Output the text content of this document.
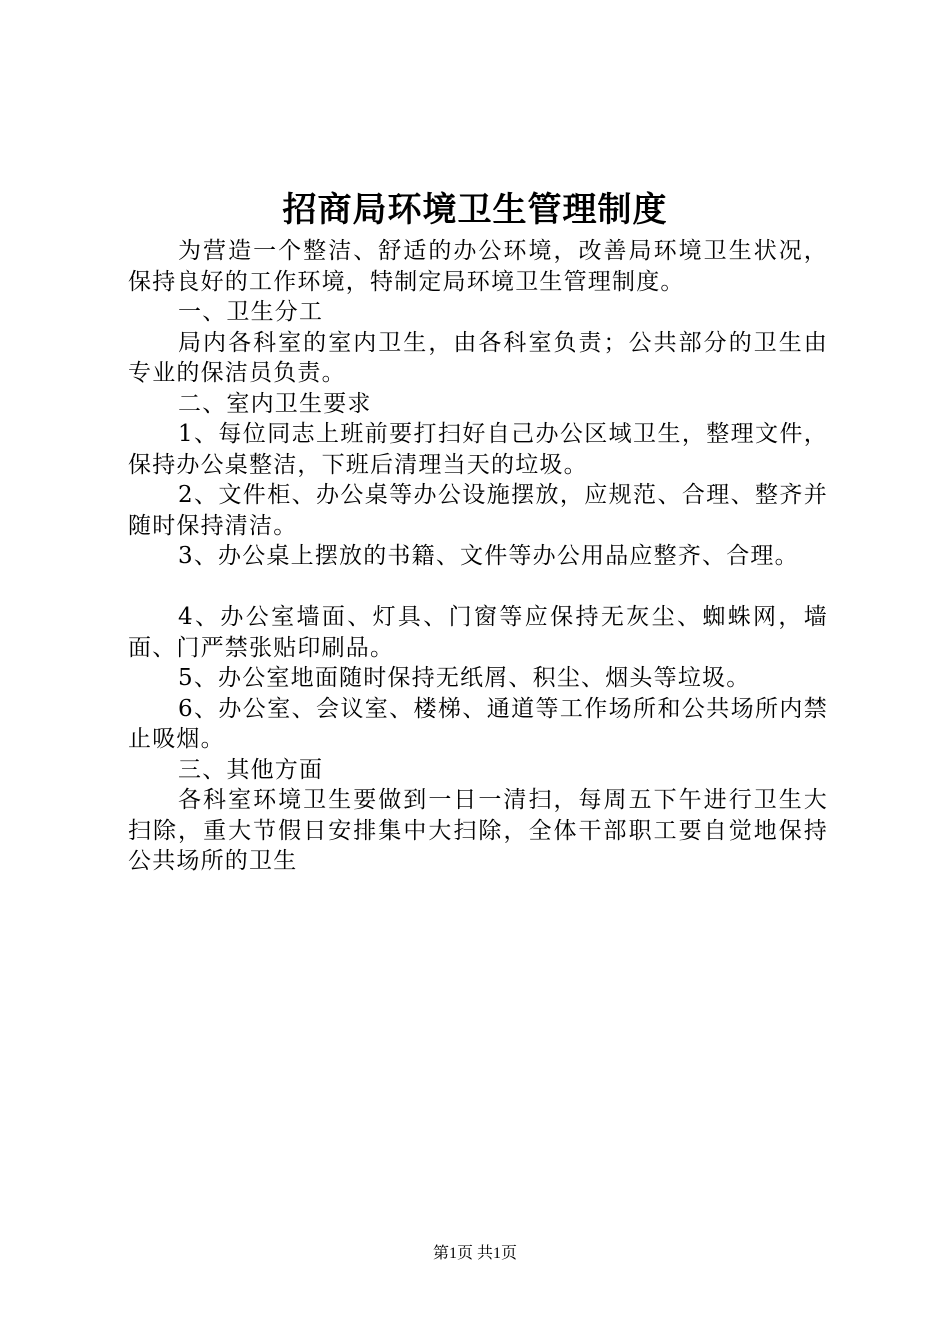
招商局环境卫生管理制度

为营造一个整洁、舒适的办公环境，改善局环境卫生状况，保持良好的工作环境，特制定局环境卫生管理制度。

一、卫生分工

局内各科室的室内卫生，由各科室负责；公共部分的卫生由专业的保洁员负责。

二、室内卫生要求

1、每位同志上班前要打扫好自己办公区域卫生，整理文件，保持办公桌整洁，下班后清理当天的垃圾。

2、文件柜、办公桌等办公设施摆放，应规范、合理、整齐并随时保持清洁。

3、办公桌上摆放的书籍、文件等办公用品应整齐、合理。

4、办公室墙面、灯具、门窗等应保持无灰尘、蜘蛛网，墙面、门严禁张贴印刷品。

5、办公室地面随时保持无纸屑、积尘、烟头等垃圾。

6、办公室、会议室、楼梯、通道等工作场所和公共场所内禁止吸烟。

三、其他方面

各科室环境卫生要做到一日一清扫，每周五下午进行卫生大扫除，重大节假日安排集中大扫除，全体干部职工要自觉地保持公共场所的卫生

第1页 共1页
